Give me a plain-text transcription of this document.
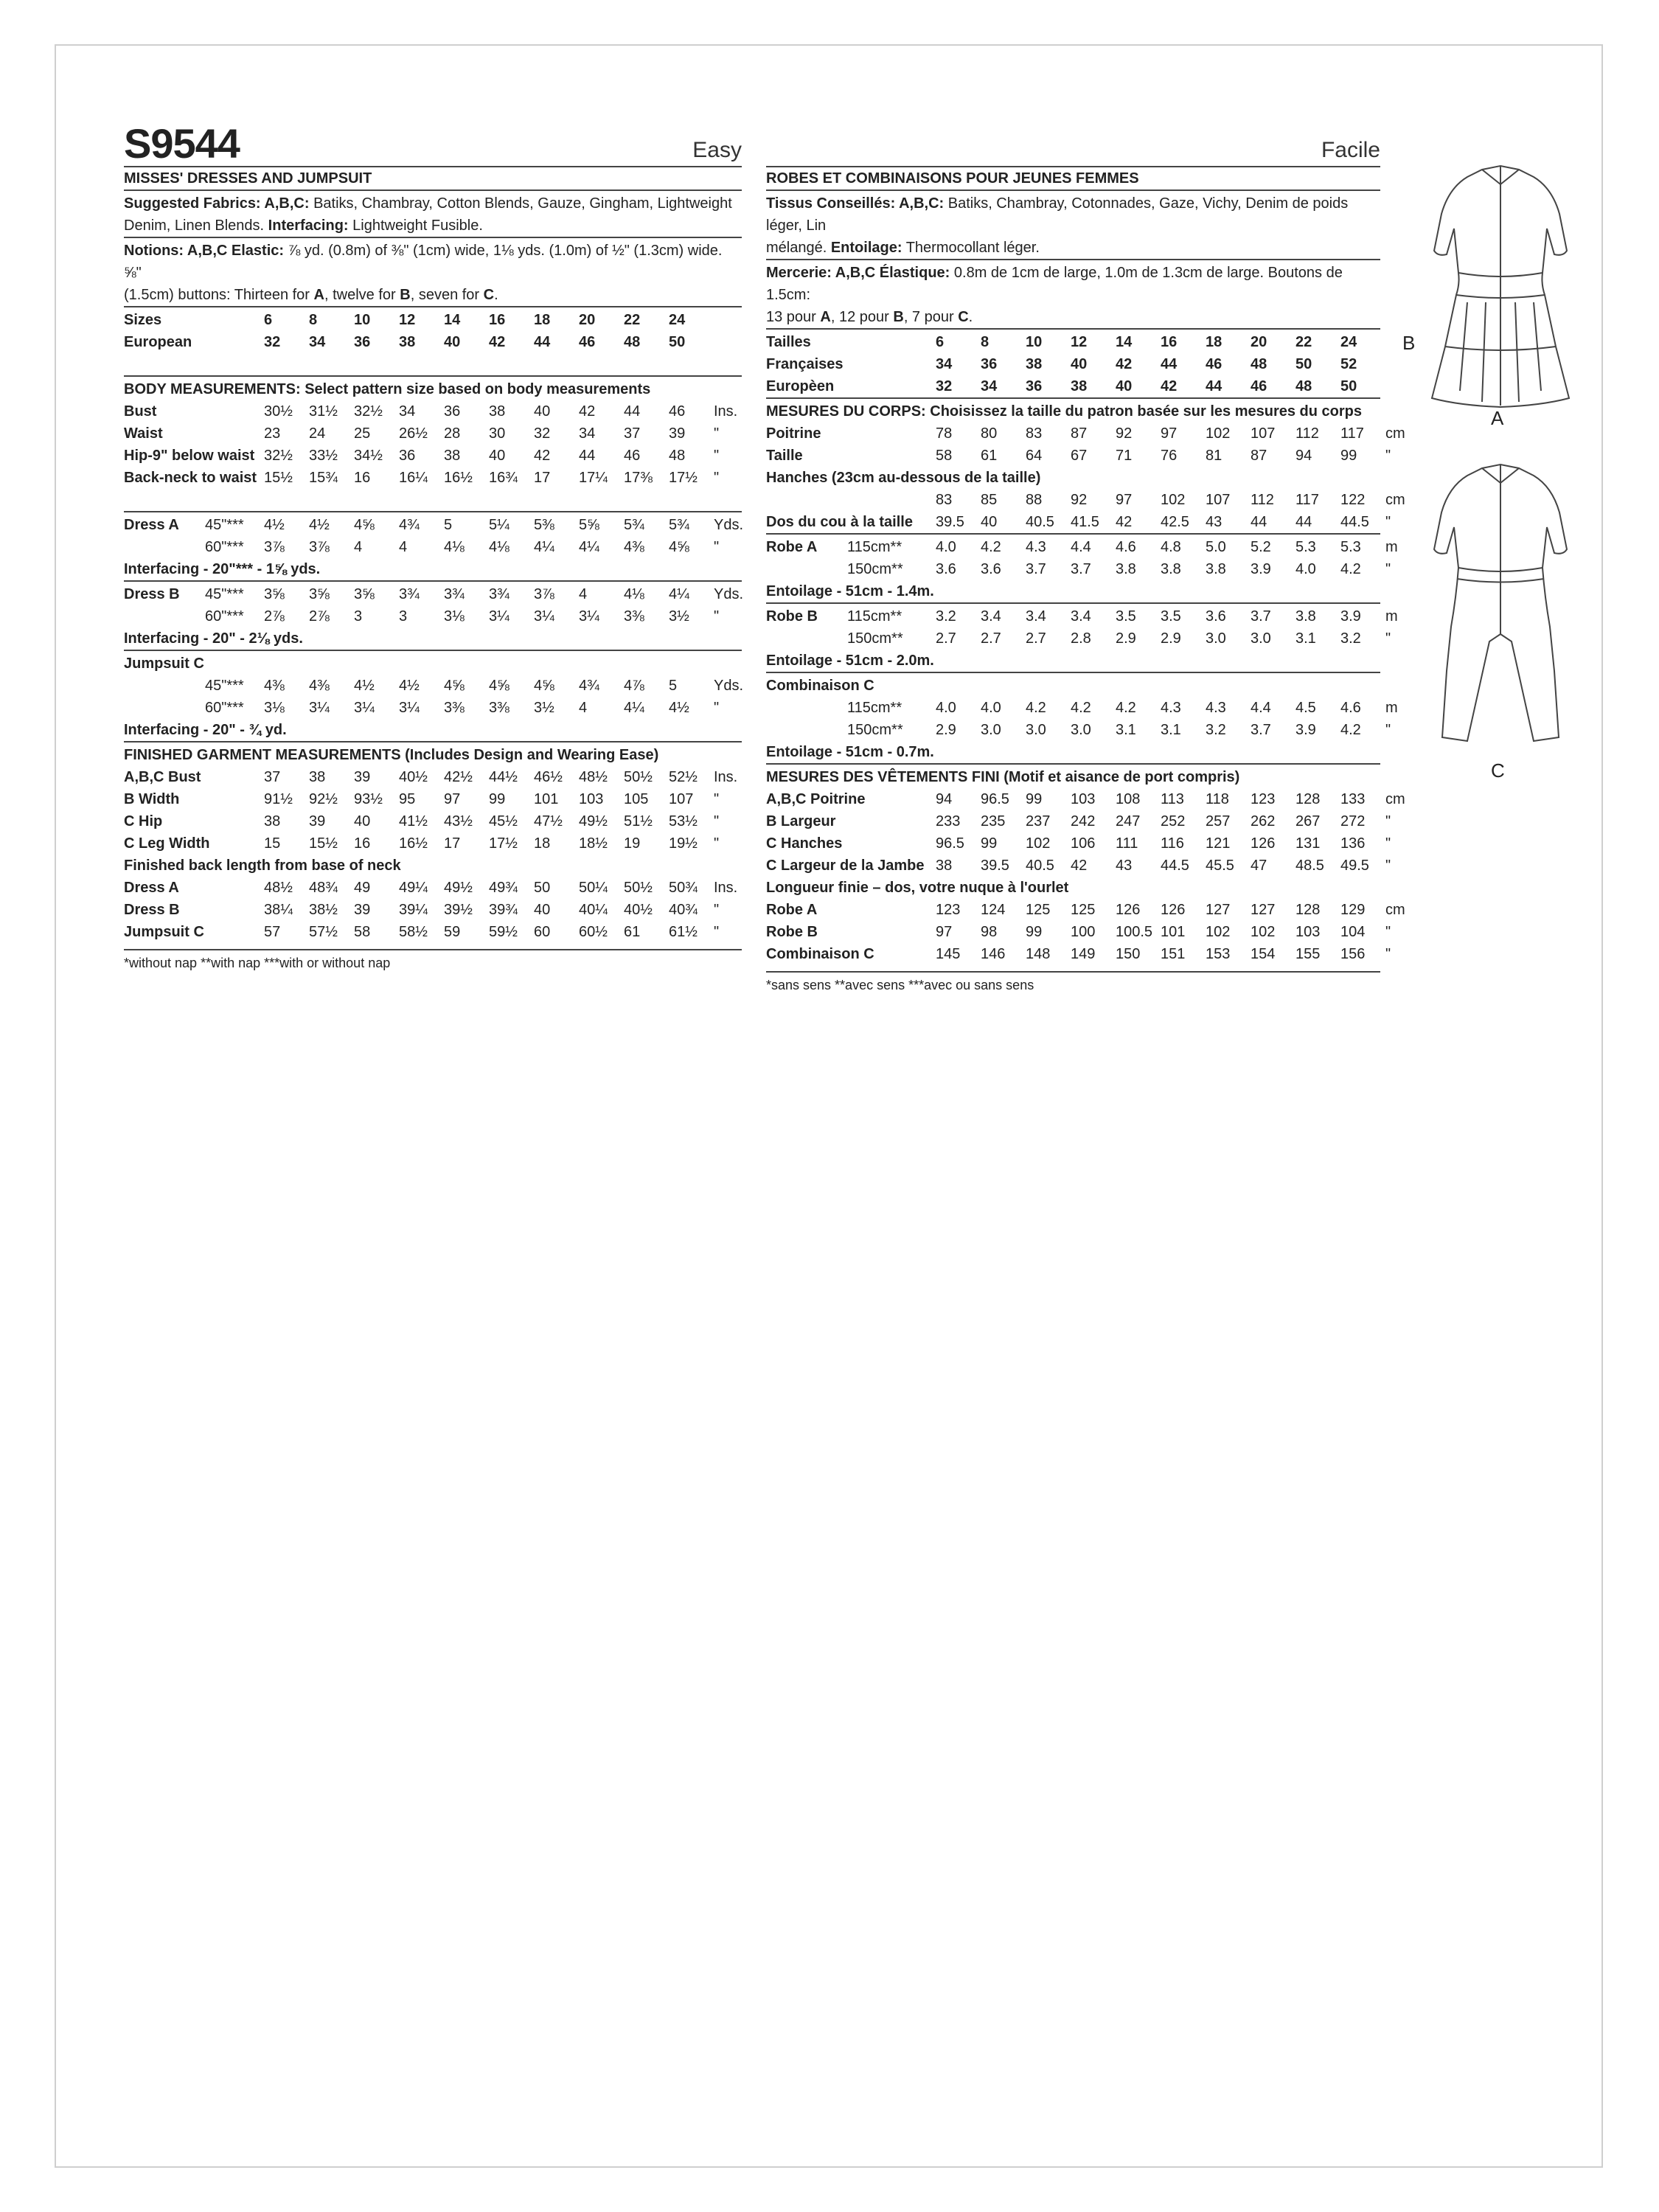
S9544	Easy
MISSES' DRESSES AND JUMPSUIT
Suggested Fabrics: A,B,C: Batiks, Chambray, Cotton Blends, Gauze, Gingham, Lightweight
Denim, Linen Blends. Interfacing: Lightweight Fusible.
Notions: A,B,C Elastic: ⅞ yd. (0.8m) of ⅜" (1cm) wide, 1⅛ yds. (1.0m) of ½" (1.3cm) wide. ⅝"
(1.5cm) buttons: Thirteen for A, twelve for B, seven for C.
Sizes	6	8	10	12	14	16	18	20	22	24
European	32	34	36	38	40	42	44	46	48	50
BODY MEASUREMENTS: Select pattern size based on body measurements
Bust	30½	31½	32½	34	36	38	40	42	44	46	Ins.
Waist	23	24	25	26½	28	30	32	34	37	39	"
Hip-9" below waist 32½	33½	34½	36	38	40	42	44	46	48	"
Back-neck to waist 15½	15¾	16	16¼	16½	16¾	17	17¼	17⅜	17½	"
Dress A	45"***	4½	4½	4⅝	4¾	5	5¼	5⅜	5⅝	5¾	5¾	Yds.
60"***	3⅞	3⅞	4	4	4⅛	4⅛	4¼	4¼	4⅜	4⅝	"
Interfacing - 20"*** - 1⅝ yds.
Dress B	45"***	3⅝	3⅝	3⅝	3¾	3¾	3¾	3⅞	4	4⅛	4¼	Yds.
60"***	2⅞	2⅞	3	3	3⅛	3¼	3¼	3¼	3⅜	3½	"
Interfacing - 20" - 2⅛ yds.
Jumpsuit C
45"***	4⅜	4⅜	4½	4½	4⅝	4⅝	4⅝	4¾	4⅞	5	Yds.
60"***	3⅛	3¼	3¼	3¼	3⅜	3⅜	3½	4	4¼	4½	"
Interfacing - 20" - ¾ yd.
FINISHED GARMENT MEASUREMENTS (Includes Design and Wearing Ease)
A,B,C Bust	37	38	39	40½	42½	44½	46½	48½	50½	52½	Ins.
B Width	91½	92½	93½	95	97	99	101	103	105	107	"
C Hip	38	39	40	41½	43½	45½	47½	49½	51½	53½	"
C Leg Width	15	15½	16	16½	17	17½	18	18½	19	19½	"
Finished back length from base of neck
Dress A	48½	48¾	49	49¼	49½	49¾	50	50¼	50½	50¾	Ins.
Dress B	38¼	38½	39	39¼	39½	39¾	40	40¼	40½	40¾	"
Jumpsuit C	57	57½	58	58½	59	59½	60	60½	61	61½	"
*without nap **with nap ***with or without nap
Facile
ROBES ET COMBINAISONS POUR JEUNES FEMMES
Tissus Conseillés: A,B,C: Batiks, Chambray, Cotonnades, Gaze, Vichy, Denim de poids léger, Lin
mélangé. Entoilage: Thermocollant léger.
Mercerie: A,B,C Élastique: 0.8m de 1cm de large, 1.0m de 1.3cm de large. Boutons de 1.5cm:
13 pour A, 12 pour B, 7 pour C.
Tailles	6	8	10	12	14	16	18	20	22	24
Françaises	34	36	38	40	42	44	46	48	50	52
Europèen	32	34	36	38	40	42	44	46	48	50
MESURES DU CORPS: Choisissez la taille du patron basée sur les mesures du corps
Poitrine	78	80	83	87	92	97	102	107	112	117	cm
Taille	58	61	64	67	71	76	81	87	94	99	"
Hanches (23cm au-dessous de la taille)
83	85	88	92	97	102	107	112	117	122	cm
Dos du cou à la taille	39.5	40	40.5	41.5	42	42.5	43	44	44	44.5	"
Robe A	115cm**	4.0	4.2	4.3	4.4	4.6	4.8	5.0	5.2	5.3	5.3	m
150cm**	3.6	3.6	3.7	3.7	3.8	3.8	3.8	3.9	4.0	4.2	"
Entoilage - 51cm - 1.4m.
Robe B	115cm**	3.2	3.4	3.4	3.4	3.5	3.5	3.6	3.7	3.8	3.9	m
150cm**	2.7	2.7	2.7	2.8	2.9	2.9	3.0	3.0	3.1	3.2	"
Entoilage - 51cm - 2.0m.
Combinaison C
115cm**	4.0	4.0	4.2	4.2	4.2	4.3	4.3	4.4	4.5	4.6	m
150cm**	2.9	3.0	3.0	3.0	3.1	3.1	3.2	3.7	3.9	4.2	"
Entoilage - 51cm - 0.7m.
MESURES DES VÊTEMENTS FINI (Motif et aisance de port compris)
A,B,C Poitrine	94	96.5	99	103	108	113	118	123	128	133	cm
B Largeur	233	235	237	242	247	252	257	262	267	272	"
C Hanches	96.5	99	102	106	111	116	121	126	131	136	"
C Largeur de la Jambe 38	39.5	40.5	42	43	44.5	45.5	47	48.5	49.5	"
Longueur finie – dos, votre nuque à l'ourlet
Robe A	123	124	125	125	126	126	127	127	128	129	cm
Robe B	97	98	99	100	100.5 101	102	102	103	104	"
Combinaison C	145	146	148	149	150	151	153	154	155	156	"
*sans sens **avec sens ***avec ou sans sens
B
A
C
